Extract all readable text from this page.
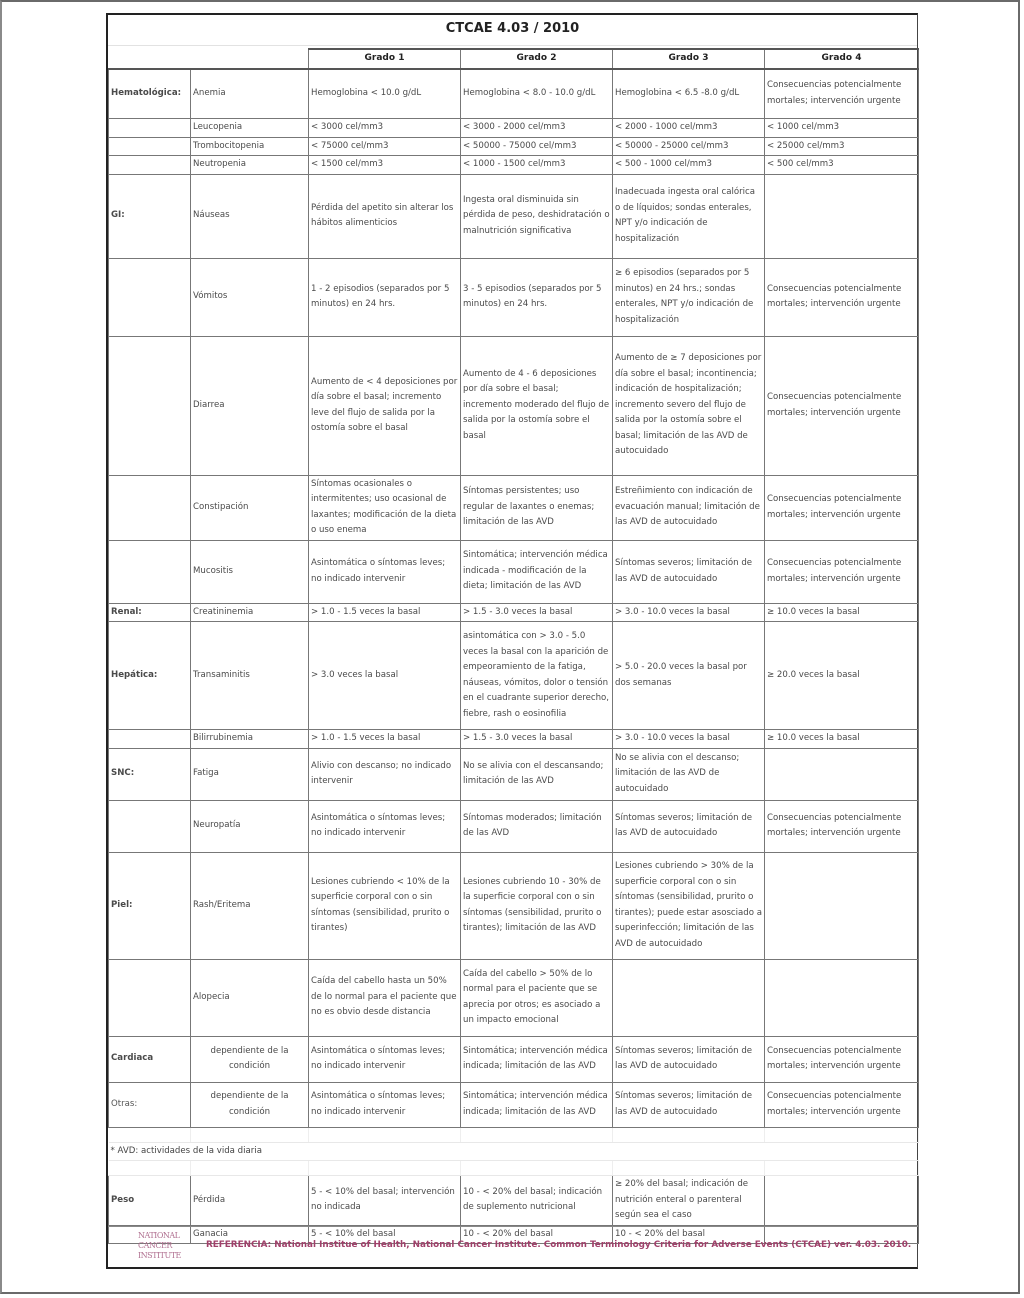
CTCAE 4.03 / 2010
		Grado 1	Grado 2	Grado 3	Grado 4
Hematológica:	Anemia	Hemoglobina < 10.0 g/dL	Hemoglobina < 8.0 - 10.0 g/dL	Hemoglobina < 6.5 -8.0 g/dL	Consecuencias potencialmente mortales; intervención urgente
	Leucopenia	< 3000 cel/mm3	< 3000 - 2000 cel/mm3	< 2000 - 1000 cel/mm3	< 1000 cel/mm3
	Trombocitopenia	< 75000 cel/mm3	< 50000 - 75000 cel/mm3	< 50000 - 25000 cel/mm3	< 25000 cel/mm3
	Neutropenia	< 1500 cel/mm3	< 1000 - 1500 cel/mm3	< 500 - 1000 cel/mm3	< 500 cel/mm3
GI:	Náuseas	Pérdida del apetito sin alterar los hábitos alimenticios	Ingesta oral disminuida sin pérdida de peso, deshidratación o malnutrición significativa	Inadecuada ingesta oral calórica o de líquidos; sondas enterales, NPT y/o indicación de hospitalización	
	Vómitos	1 - 2 episodios (separados por 5 minutos) en 24 hrs.	3 - 5 episodios (separados por 5 minutos) en 24 hrs.	≥ 6 episodios (separados por 5 minutos) en 24 hrs.; sondas enterales, NPT y/o indicación de hospitalización	Consecuencias potencialmente mortales; intervención urgente
	Diarrea	Aumento de < 4 deposiciones por día sobre el basal; incremento leve del flujo de salida por la ostomía sobre el basal	Aumento de 4 - 6 deposiciones por día sobre el basal; incremento moderado del flujo de salida por la ostomía sobre el basal	Aumento de ≥ 7 deposiciones por día sobre el basal; incontinencia; indicación de hospitalización; incremento severo del flujo de salida por la ostomía sobre el basal; limitación de las AVD de autocuidado	Consecuencias potencialmente mortales; intervención urgente
	Constipación	Síntomas ocasionales o intermitentes; uso ocasional de laxantes; modificación de la dieta o uso enema	Síntomas persistentes; uso regular de laxantes o enemas; limitación de las AVD	Estreñimiento con indicación de evacuación manual; limitación de las AVD de autocuidado	Consecuencias potencialmente mortales; intervención urgente
	Mucositis	Asintomática o síntomas leves; no indicado intervenir	Sintomática; intervención médica indicada - modificación de la dieta; limitación de las AVD	Síntomas severos; limitación de las AVD de autocuidado	Consecuencias potencialmente mortales; intervención urgente
Renal:	Creatininemia	> 1.0 - 1.5 veces la basal	> 1.5 - 3.0 veces la basal	> 3.0 - 10.0 veces la basal	≥ 10.0 veces la basal
Hepática:	Transaminitis	> 3.0 veces la basal	asintomática con > 3.0 - 5.0 veces la basal con la aparición de empeoramiento de la fatiga, náuseas, vómitos, dolor o tensión en el cuadrante superior derecho, fiebre, rash o eosinofilia	> 5.0 - 20.0 veces la basal por dos semanas	≥ 20.0 veces la basal
	Bilirrubinemia	> 1.0 - 1.5 veces la basal	> 1.5 - 3.0 veces la basal	> 3.0 - 10.0 veces la basal	≥ 10.0 veces la basal
SNC:	Fatiga	Alivio con descanso; no indicado intervenir	No se alivia con el descansando; limitación de las AVD	No se alivia con el descanso; limitación de las AVD de autocuidado	
	Neuropatía	Asintomática o síntomas leves; no indicado intervenir	Síntomas moderados; limitación de las AVD	Síntomas severos; limitación de las AVD de autocuidado	Consecuencias potencialmente mortales; intervención urgente
Piel:	Rash/Eritema	Lesiones cubriendo < 10% de la superficie corporal con o sin síntomas (sensibilidad, prurito o tirantes)	Lesiones cubriendo 10 - 30% de la superficie corporal con o sin síntomas (sensibilidad, prurito o tirantes); limitación de las AVD	Lesiones cubriendo > 30% de la superficie corporal con o sin síntomas (sensibilidad, prurito o tirantes); puede estar asosciado a superinfección; limitación de las AVD de autocuidado	
	Alopecia	Caída del cabello hasta un 50% de lo normal para el paciente que no es obvio desde distancia	Caída del cabello > 50% de lo normal para el paciente que se aprecia por otros; es asociado a un impacto emocional		
Cardiaca	dependiente de la condición	Asintomática o síntomas leves; no indicado intervenir	Sintomática; intervención médica indicada; limitación de las AVD	Síntomas severos; limitación de las AVD de autocuidado	Consecuencias potencialmente mortales; intervención urgente
Otras:	dependiente de la condición	Asintomática o síntomas leves; no indicado intervenir	Sintomática; intervención médica indicada; limitación de las AVD	Síntomas severos; limitación de las AVD de autocuidado	Consecuencias potencialmente mortales; intervención urgente

* AVD: actividades de la vida diaria					

Peso	Pérdida	5 - < 10% del basal; intervención no indicada	10 - < 20% del basal; indicación de suplemento nutricional	≥ 20% del basal; indicación de nutrición enteral o parenteral según sea el caso	
	Ganacia	5 - < 10% del basal	10 - < 20% del basal	10 - < 20% del basal	
NATIONAL
CANCER
INSTITUTE
REFERENCIA: National Institue of Health, National Cancer Institute. Common Terminology Criteria for Adverse Events (CTCAE) ver. 4.03. 2010.
